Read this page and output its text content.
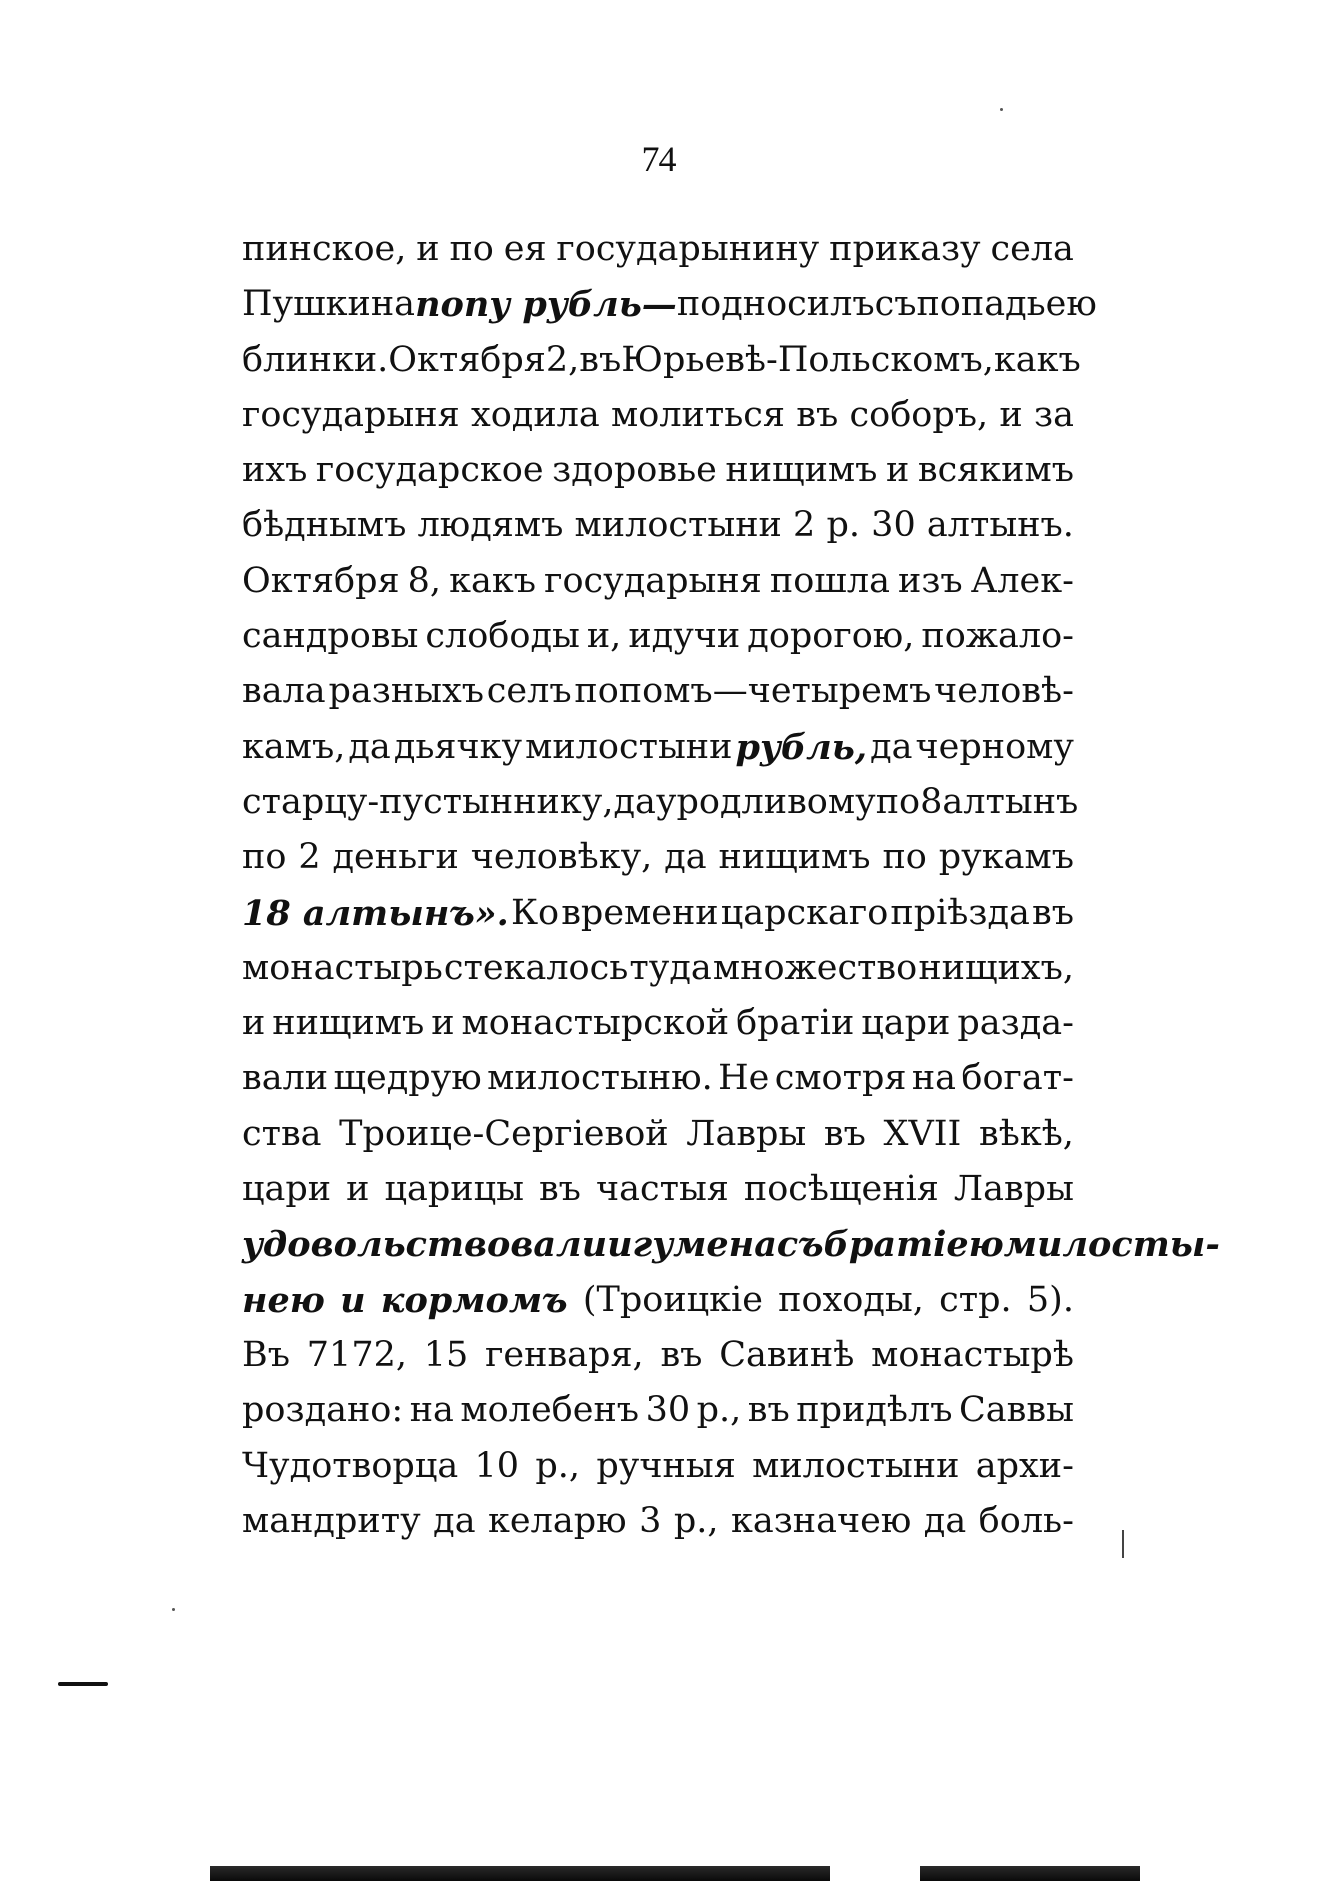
74
пинское, и по ея государынину приказу села
Пушкина попу рубль— подносилъ съ попадьею
блинки. Октября 2, въ Юрьевѣ-Польскомъ, какъ
государыня ходила молиться въ соборъ, и за
ихъ государское здоровье нищимъ и всякимъ
бѣднымъ людямъ милостыни 2 р. 30 алтынъ.
Октября 8, какъ государыня пошла изъ Алек-
сандровы слободы и, идучи дорогою, пожало-
вала разныхъ селъ попомъ—четыремъ человѣ-
камъ, да дьячку милостыни рубль, да черному
старцу-пустыннику, да уродливому по 8 алтынъ
по 2 деньги человѣку, да нищимъ по рукамъ
18 алтынъ». Ко времени царскаго прiѣзда въ
монастырь стекалось туда множество нищихъ,
и нищимъ и монастырской братiи цари разда-
вали щедрую милостыню. Не смотря на богат-
ства Троице-Сергiевой Лавры въ XVII вѣкѣ,
цари и царицы въ частыя посѣщенiя Лавры
удовольствовали игумена съ братiею милосты-
нею и кормомъ (Троицкiе походы, стр. 5).
Въ 7172, 15 генваря, въ Савинѣ монастырѣ
роздано: на молебенъ 30 р., въ придѣлъ Саввы
Чудотворца 10 р., ручныя милостыни архи-
мандриту да келарю 3 р., казначею да боль-
